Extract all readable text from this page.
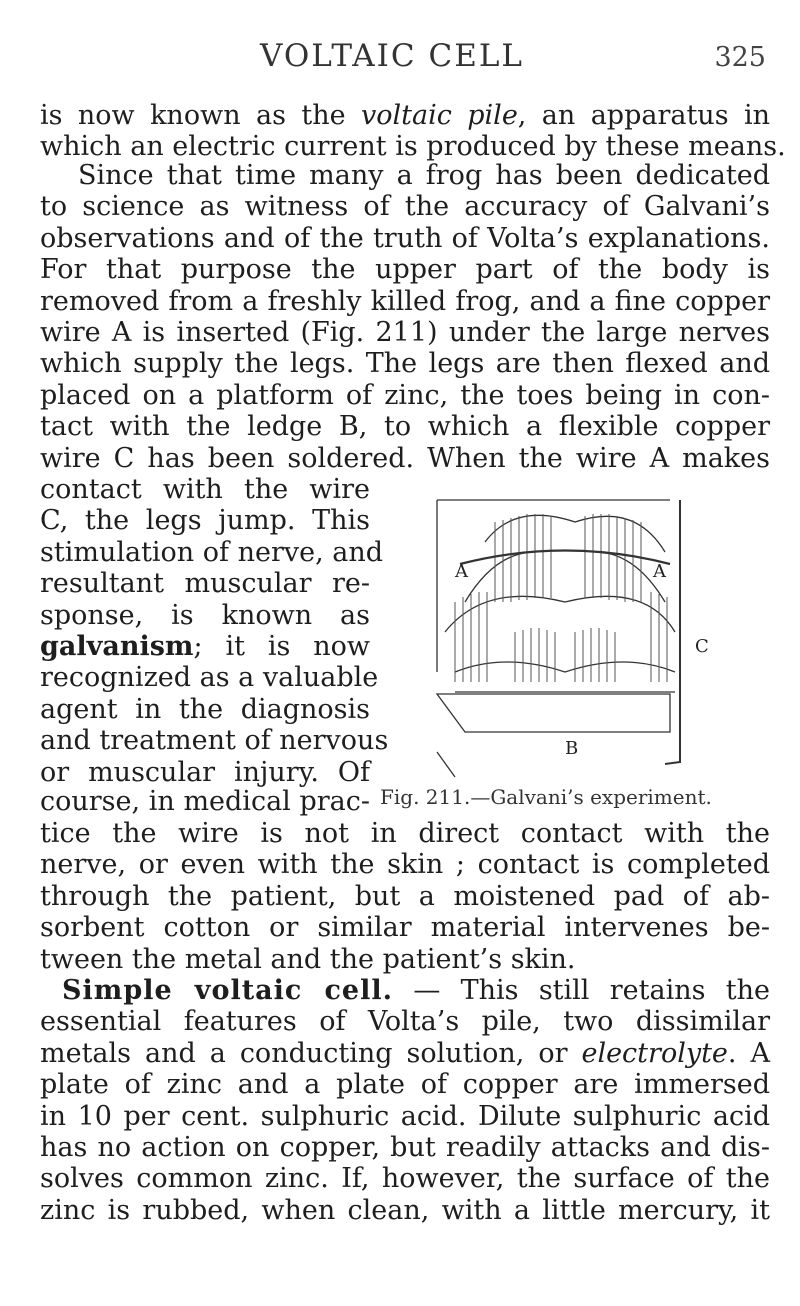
VOLTAIC CELL	325
is now known as the voltaic pile, an apparatus in
which an electric current is produced by these means.
Since that time many a frog has been dedicated
to science as witness of the accuracy of Galvani’s
observations and of the truth of Volta’s explanations.
For that purpose the upper part of the body is
removed from a freshly killed frog, and a fine copper
wire A is inserted (Fig. 211) under the large nerves
which supply the legs. The legs are then flexed and
placed on a platform of zinc, the toes being in con-
tact with the ledge B, to which a flexible copper
wire C has been soldered. When the wire A makes
contact with the wire
C, the legs jump. This
stimulation of nerve, and
resultant muscular re-
sponse, is known as
galvanism; it is now
recognized as a valuable
agent in the diagnosis
and treatment of nervous
or muscular injury. Of
course, in medical prac-
tice the wire is not in direct contact with the
nerve, or even with the skin ; contact is completed
through the patient, but a moistened pad of ab-
sorbent cotton or similar material intervenes be-
tween the metal and the patient’s skin.
Simple voltaic cell. — This still retains the
essential features of Volta’s pile, two dissimilar
metals and a conducting solution, or electrolyte. A
plate of zinc and a plate of copper are immersed
in 10 per cent. sulphuric acid. Dilute sulphuric acid
has no action on copper, but readily attacks and dis-
solves common zinc. If, however, the surface of the
zinc is rubbed, when clean, with a little mercury, it
A	A
B
C
Fig. 211.—Galvani’s experiment.
